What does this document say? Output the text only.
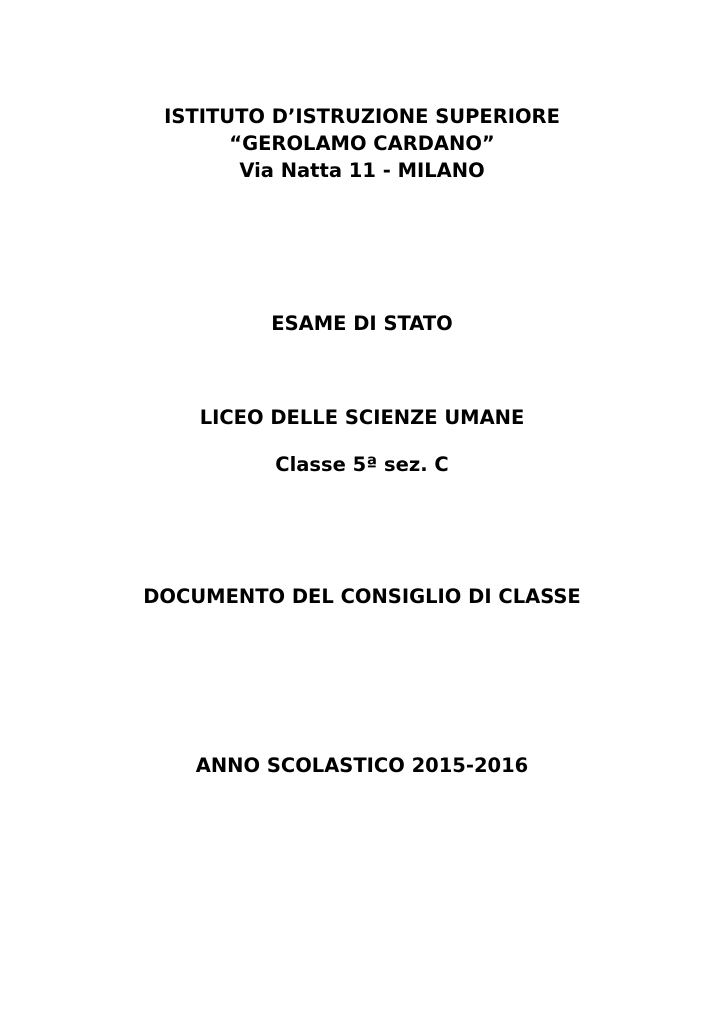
ISTITUTO D’ISTRUZIONE SUPERIORE
“GEROLAMO CARDANO”
Via Natta 11 - MILANO
ESAME DI STATO
LICEO DELLE SCIENZE UMANE
Classe 5ª sez. C
DOCUMENTO DEL CONSIGLIO DI CLASSE
ANNO SCOLASTICO 2015-2016
